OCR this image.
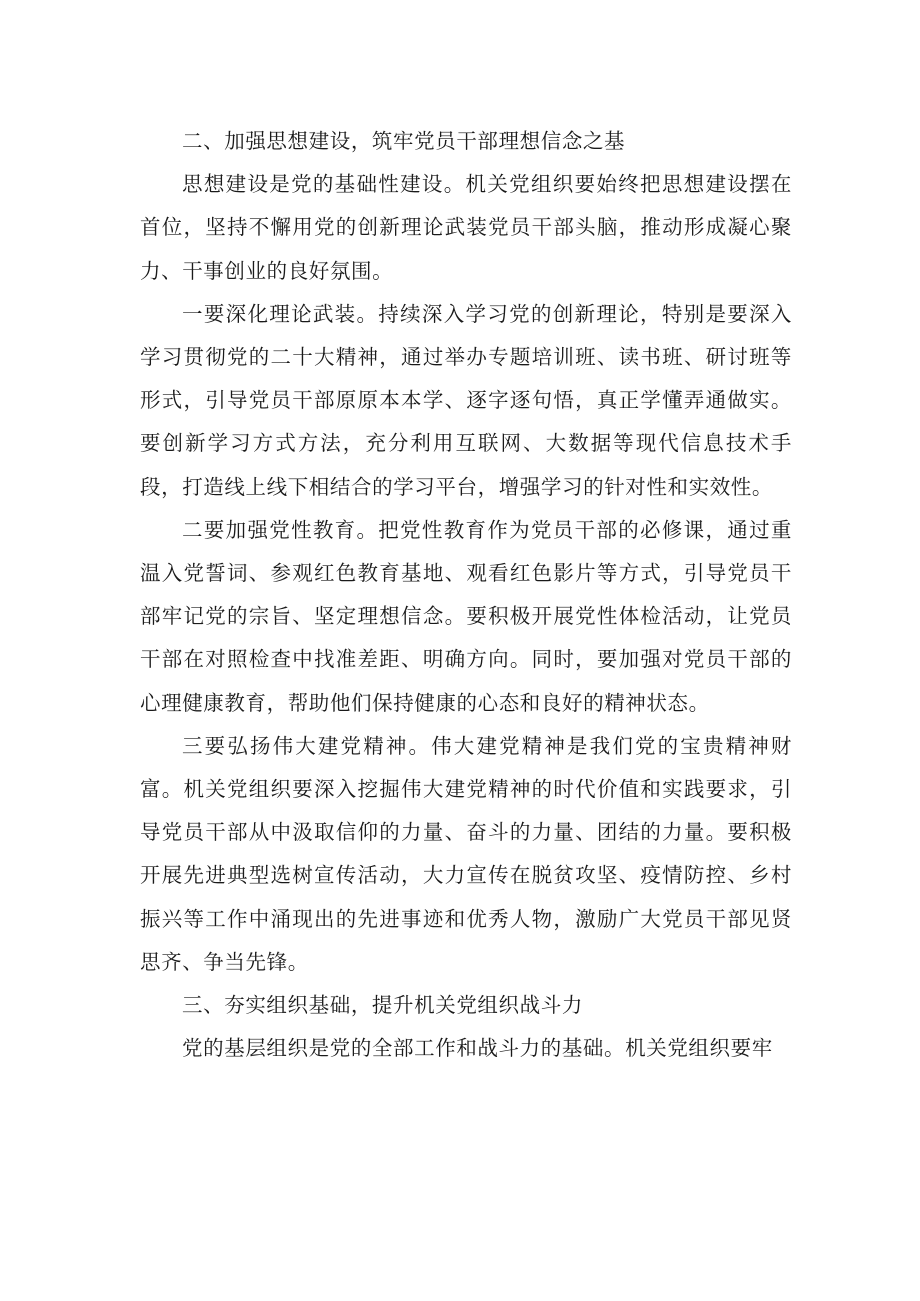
二、加强思想建设，筑牢党员干部理想信念之基

思想建设是党的基础性建设。机关党组织要始终把思想建设摆在首位，坚持不懈用党的创新理论武装党员干部头脑，推动形成凝心聚力、干事创业的良好氛围。

一要深化理论武装。持续深入学习党的创新理论，特别是要深入学习贯彻党的二十大精神，通过举办专题培训班、读书班、研讨班等形式，引导党员干部原原本本学、逐字逐句悟，真正学懂弄通做实。要创新学习方式方法，充分利用互联网、大数据等现代信息技术手段，打造线上线下相结合的学习平台，增强学习的针对性和实效性。

二要加强党性教育。把党性教育作为党员干部的必修课，通过重温入党誓词、参观红色教育基地、观看红色影片等方式，引导党员干部牢记党的宗旨、坚定理想信念。要积极开展党性体检活动，让党员干部在对照检查中找准差距、明确方向。同时，要加强对党员干部的心理健康教育，帮助他们保持健康的心态和良好的精神状态。

三要弘扬伟大建党精神。伟大建党精神是我们党的宝贵精神财富。机关党组织要深入挖掘伟大建党精神的时代价值和实践要求，引导党员干部从中汲取信仰的力量、奋斗的力量、团结的力量。要积极开展先进典型选树宣传活动，大力宣传在脱贫攻坚、疫情防控、乡村振兴等工作中涌现出的先进事迹和优秀人物，激励广大党员干部见贤思齐、争当先锋。

三、夯实组织基础，提升机关党组织战斗力

党的基层组织是党的全部工作和战斗力的基础。机关党组织要牢
